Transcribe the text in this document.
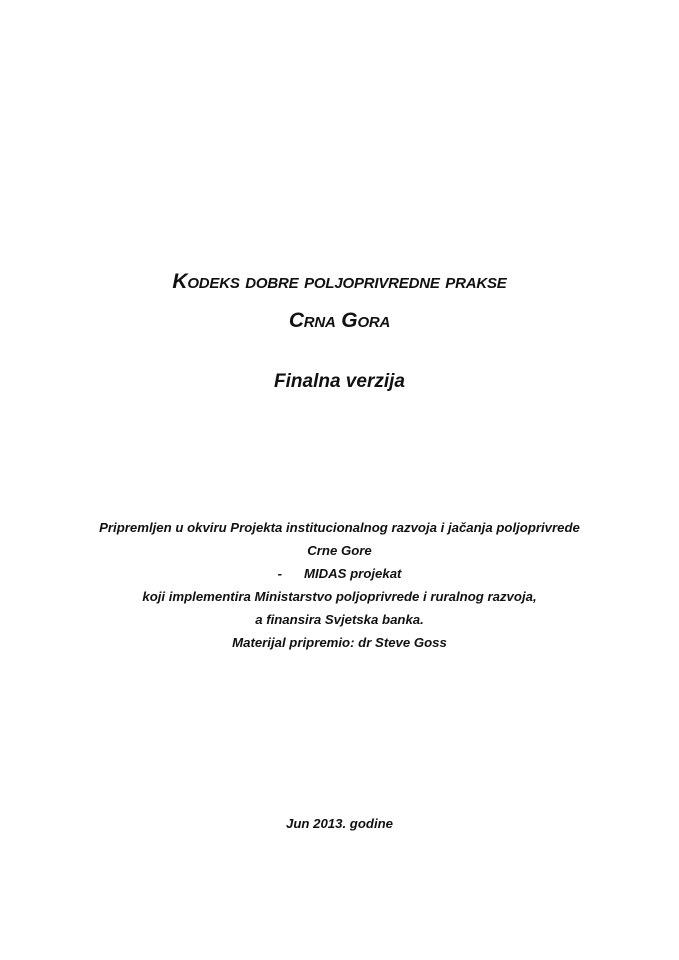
Kodeks dobre poljoprivredne prakse
Crna Gora
Finalna verzija
Pripremljen u okviru Projekta institucionalnog razvoja i jačanja poljoprivrede
Crne Gore
- MIDAS projekat
koji implementira Ministarstvo poljoprivrede i ruralnog razvoja,
a finansira Svjetska banka.
Materijal pripremio: dr Steve Goss
Jun 2013. godine
